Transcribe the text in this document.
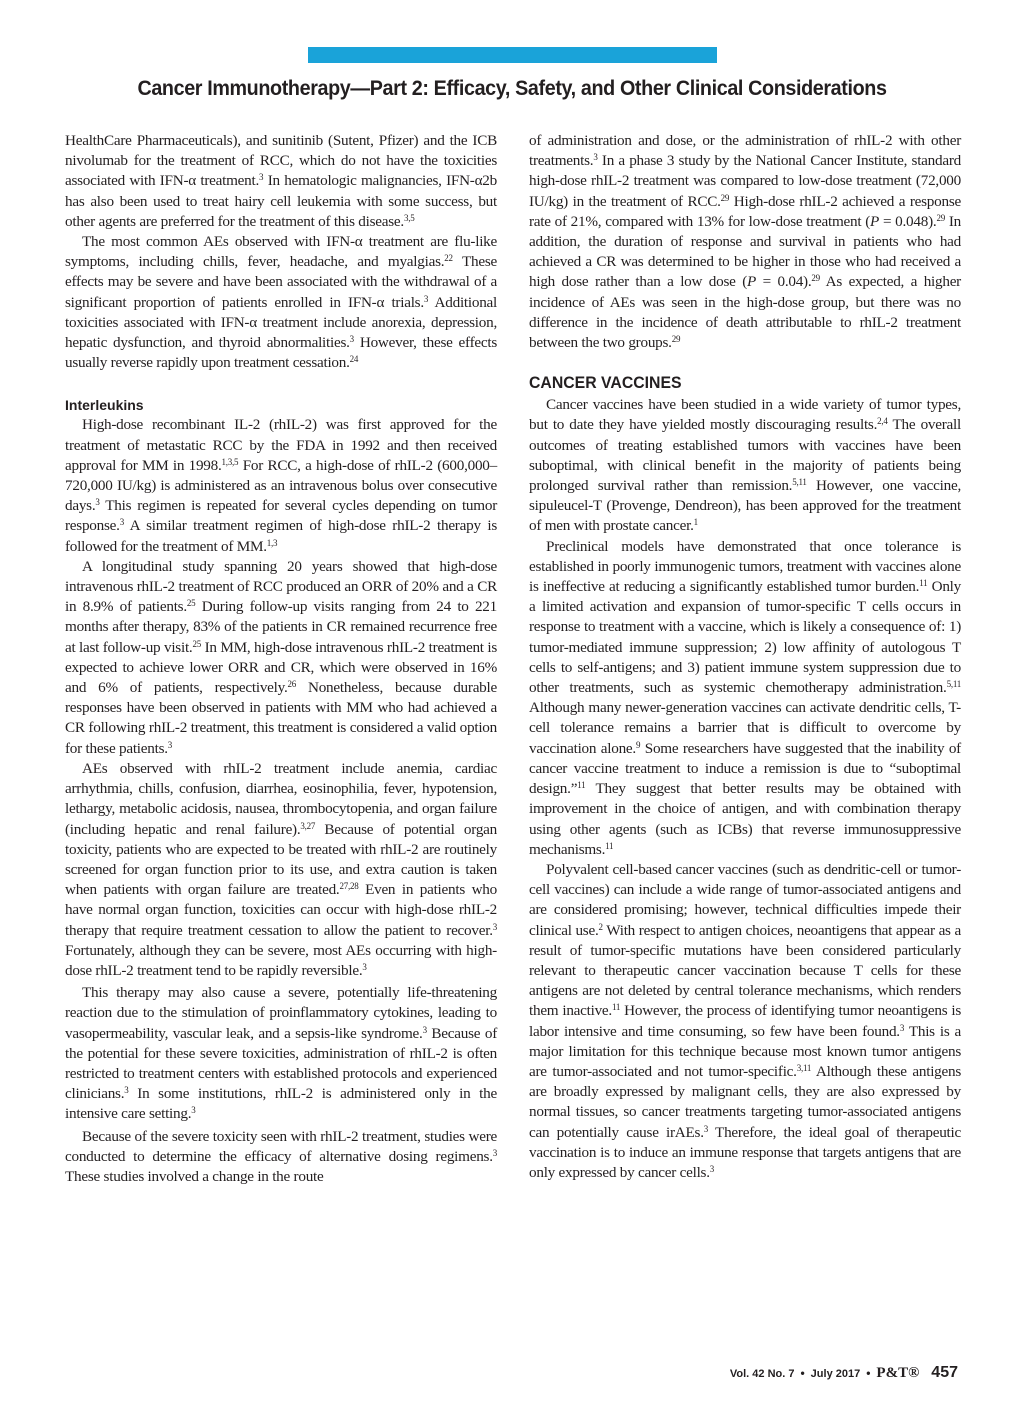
Cancer Immunotherapy—Part 2: Efficacy, Safety, and Other Clinical Considerations

HealthCare Pharmaceuticals), and sunitinib (Sutent, Pfizer) and the ICB nivolumab for the treatment of RCC, which do not have the toxicities associated with IFN-α treatment.$^3$ In hematologic malignancies, IFN-α2b has also been used to treat hairy cell leukemia with some success, but other agents are preferred for the treatment of this disease.$^{3,5}$

The most common AEs observed with IFN-α treatment are flu-like symptoms, including chills, fever, headache, and myalgias.$^{22}$ These effects may be severe and have been associated with the withdrawal of a significant proportion of patients enrolled in IFN-α trials.$^3$ Additional toxicities associated with IFN-α treatment include anorexia, depression, hepatic dysfunction, and thyroid abnormalities.$^3$ However, these effects usually reverse rapidly upon treatment cessation.$^{24}$

Interleukins

High-dose recombinant IL-2 (rhIL-2) was first approved for the treatment of metastatic RCC by the FDA in 1992 and then received approval for MM in 1998.$^{1,3,5}$ For RCC, a high-dose of rhIL-2 (600,000–720,000 IU/kg) is administered as an intravenous bolus over consecutive days.$^3$ This regimen is repeated for several cycles depending on tumor response.$^3$ A similar treatment regimen of high-dose rhIL-2 therapy is followed for the treatment of MM.$^{1,3}$

A longitudinal study spanning 20 years showed that high-dose intravenous rhIL-2 treatment of RCC produced an ORR of 20% and a CR in 8.9% of patients.$^{25}$ During follow-up visits ranging from 24 to 221 months after therapy, 83% of the patients in CR remained recurrence free at last follow-up visit.$^{25}$ In MM, high-dose intravenous rhIL-2 treatment is expected to achieve lower ORR and CR, which were observed in 16% and 6% of patients, respectively.$^{26}$ Nonetheless, because durable responses have been observed in patients with MM who had achieved a CR following rhIL-2 treatment, this treatment is considered a valid option for these patients.$^3$

AEs observed with rhIL-2 treatment include anemia, cardiac arrhythmia, chills, confusion, diarrhea, eosinophilia, fever, hypotension, lethargy, metabolic acidosis, nausea, thrombocytopenia, and organ failure (including hepatic and renal failure).$^{3,27}$ Because of potential organ toxicity, patients who are expected to be treated with rhIL-2 are routinely screened for organ function prior to its use, and extra caution is taken when patients with organ failure are treated.$^{27,28}$ Even in patients who have normal organ function, toxicities can occur with high-dose rhIL-2 therapy that require treatment cessation to allow the patient to recover.$^3$ Fortunately, although they can be severe, most AEs occurring with high-dose rhIL-2 treatment tend to be rapidly reversible.$^3$

This therapy may also cause a severe, potentially life-threatening reaction due to the stimulation of proinflammatory cytokines, leading to vasopermeability, vascular leak, and a sepsis-like syndrome.$^3$ Because of the potential for these severe toxicities, administration of rhIL-2 is often restricted to treatment centers with established protocols and experienced clinicians.$^3$ In some institutions, rhIL-2 is administered only in the intensive care setting.$^3$

Because of the severe toxicity seen with rhIL-2 treatment, studies were conducted to determine the efficacy of alternative dosing regimens.$^3$ These studies involved a change in the route

of administration and dose, or the administration of rhIL-2 with other treatments.$^3$ In a phase 3 study by the National Cancer Institute, standard high-dose rhIL-2 treatment was compared to low-dose treatment (72,000 IU/kg) in the treatment of RCC.$^{29}$ High-dose rhIL-2 achieved a response rate of 21%, compared with 13% for low-dose treatment (P = 0.048).$^{29}$ In addition, the duration of response and survival in patients who had achieved a CR was determined to be higher in those who had received a high dose rather than a low dose (P = 0.04).$^{29}$ As expected, a higher incidence of AEs was seen in the high-dose group, but there was no difference in the incidence of death attributable to rhIL-2 treatment between the two groups.$^{29}$

CANCER VACCINES

Cancer vaccines have been studied in a wide variety of tumor types, but to date they have yielded mostly discouraging results.$^{2,4}$ The overall outcomes of treating established tumors with vaccines have been suboptimal, with clinical benefit in the majority of patients being prolonged survival rather than remission.$^{5,11}$ However, one vaccine, sipuleucel-T (Provenge, Dendreon), has been approved for the treatment of men with prostate cancer.$^1$

Preclinical models have demonstrated that once tolerance is established in poorly immunogenic tumors, treatment with vaccines alone is ineffective at reducing a significantly established tumor burden.$^{11}$ Only a limited activation and expansion of tumor-specific T cells occurs in response to treatment with a vaccine, which is likely a consequence of: 1) tumor-mediated immune suppression; 2) low affinity of autologous T cells to self-antigens; and 3) patient immune system suppression due to other treatments, such as systemic chemotherapy administration.$^{5,11}$ Although many newer-generation vaccines can activate dendritic cells, T-cell tolerance remains a barrier that is difficult to overcome by vaccination alone.$^9$ Some researchers have suggested that the inability of cancer vaccine treatment to induce a remission is due to “suboptimal design.”$^{11}$ They suggest that better results may be obtained with improvement in the choice of antigen, and with combination therapy using other agents (such as ICBs) that reverse immunosuppressive mechanisms.$^{11}$

Polyvalent cell-based cancer vaccines (such as dendritic-cell or tumor-cell vaccines) can include a wide range of tumor-associated antigens and are considered promising; however, technical difficulties impede their clinical use.$^2$ With respect to antigen choices, neoantigens that appear as a result of tumor-specific mutations have been considered particularly relevant to therapeutic cancer vaccination because T cells for these antigens are not deleted by central tolerance mechanisms, which renders them inactive.$^{11}$ However, the process of identifying tumor neoantigens is labor intensive and time consuming, so few have been found.$^3$ This is a major limitation for this technique because most known tumor antigens are tumor-associated and not tumor-specific.$^{3,11}$ Although these antigens are broadly expressed by malignant cells, they are also expressed by normal tissues, so cancer treatments targeting tumor-associated antigens can potentially cause irAEs.$^3$ Therefore, the ideal goal of therapeutic vaccination is to induce an immune response that targets antigens that are only expressed by cancer cells.$^3$

Vol. 42 No. 7 • July 2017 • P&T® 457
